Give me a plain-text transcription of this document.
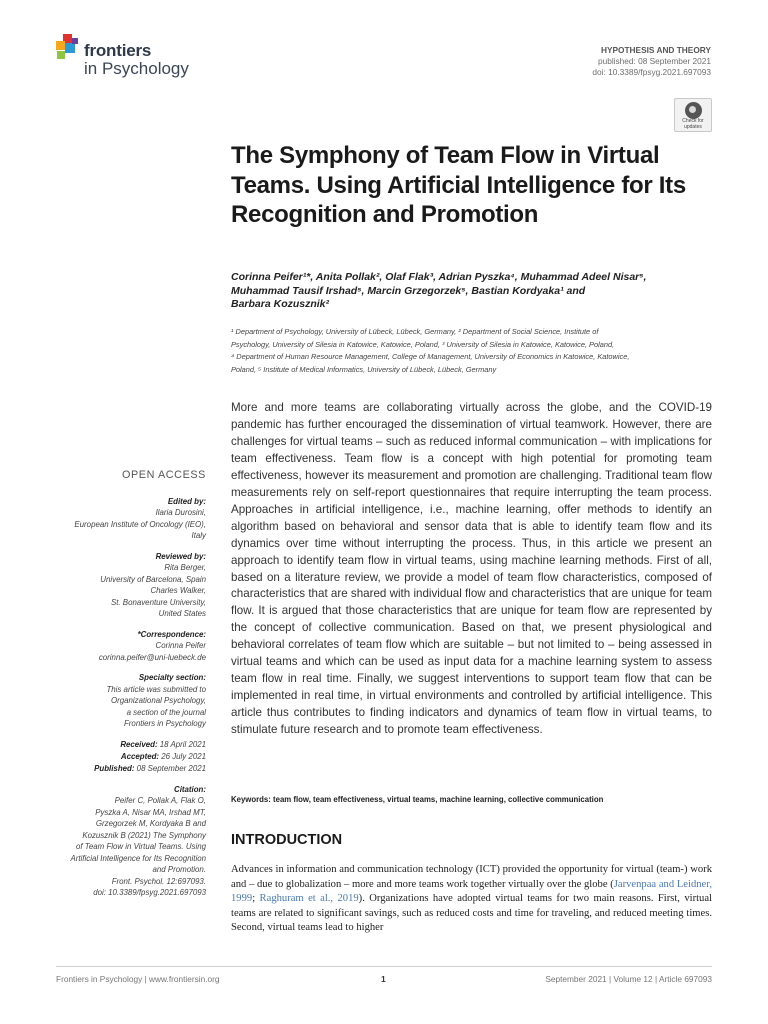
frontiers
in Psychology
HYPOTHESIS AND THEORY
published: 08 September 2021
doi: 10.3389/fpsyg.2021.697093
Check for
updates
The Symphony of Team Flow in Virtual Teams. Using Artificial Intelligence for Its Recognition and Promotion
Corinna Peifer¹*, Anita Pollak², Olaf Flak³, Adrian Pyszka⁴, Muhammad Adeel Nisar⁵,
Muhammad Tausif Irshad⁵, Marcin Grzegorzek⁵, Bastian Kordyaka¹ and
Barbara Kozusznik²
¹ Department of Psychology, University of Lübeck, Lübeck, Germany, ² Department of Social Science, Institute of
Psychology, University of Silesia in Katowice, Katowice, Poland, ³ University of Silesia in Katowice, Katowice, Poland,
⁴ Department of Human Resource Management, College of Management, University of Economics in Katowice, Katowice,
Poland, ⁵ Institute of Medical Informatics, University of Lübeck, Lübeck, Germany
More and more teams are collaborating virtually across the globe, and the COVID-19 pandemic has further encouraged the dissemination of virtual teamwork. However, there are challenges for virtual teams – such as reduced informal communication – with implications for team effectiveness. Team flow is a concept with high potential for promoting team effectiveness, however its measurement and promotion are challenging. Traditional team flow measurements rely on self-report questionnaires that require interrupting the team process. Approaches in artificial intelligence, i.e., machine learning, offer methods to identify an algorithm based on behavioral and sensor data that is able to identify team flow and its dynamics over time without interrupting the process. Thus, in this article we present an approach to identify team flow in virtual teams, using machine learning methods. First of all, based on a literature review, we provide a model of team flow characteristics, composed of characteristics that are shared with individual flow and characteristics that are unique for team flow. It is argued that those characteristics that are unique for team flow are represented by the concept of collective communication. Based on that, we present physiological and behavioral correlates of team flow which are suitable – but not limited to – being assessed in virtual teams and which can be used as input data for a machine learning system to assess team flow in real time. Finally, we suggest interventions to support team flow that can be implemented in real time, in virtual environments and controlled by artificial intelligence. This article thus contributes to finding indicators and dynamics of team flow in virtual teams, to stimulate future research and to promote team effectiveness.
Keywords: team flow, team effectiveness, virtual teams, machine learning, collective communication
INTRODUCTION
Advances in information and communication technology (ICT) provided the opportunity for virtual (team-) work and – due to globalization – more and more teams work together virtually over the globe (Jarvenpaa and Leidner, 1999; Raghuram et al., 2019). Organizations have adopted virtual teams for two main reasons. First, virtual teams are related to significant savings, such as reduced costs and time for traveling, and reduced meeting times. Second, virtual teams lead to higher
OPEN ACCESS
Edited by:
Ilaria Durosini,
European Institute of Oncology (IEO),
Italy
Reviewed by:
Rita Berger,
University of Barcelona, Spain
Charles Walker,
St. Bonaventure University,
United States
*Correspondence:
Corinna Peifer
corinna.peifer@uni-luebeck.de
Specialty section:
This article was submitted to
Organizational Psychology,
a section of the journal
Frontiers in Psychology
Received: 18 April 2021
Accepted: 26 July 2021
Published: 08 September 2021
Citation:
Peifer C, Pollak A, Flak O,
Pyszka A, Nisar MA, Irshad MT,
Grzegorzek M, Kordyaka B and
Kozusznik B (2021) The Symphony
of Team Flow in Virtual Teams. Using
Artificial Intelligence for Its Recognition
and Promotion.
Front. Psychol. 12:697093.
doi: 10.3389/fpsyg.2021.697093
Frontiers in Psychology | www.frontiersin.org	1	September 2021 | Volume 12 | Article 697093
